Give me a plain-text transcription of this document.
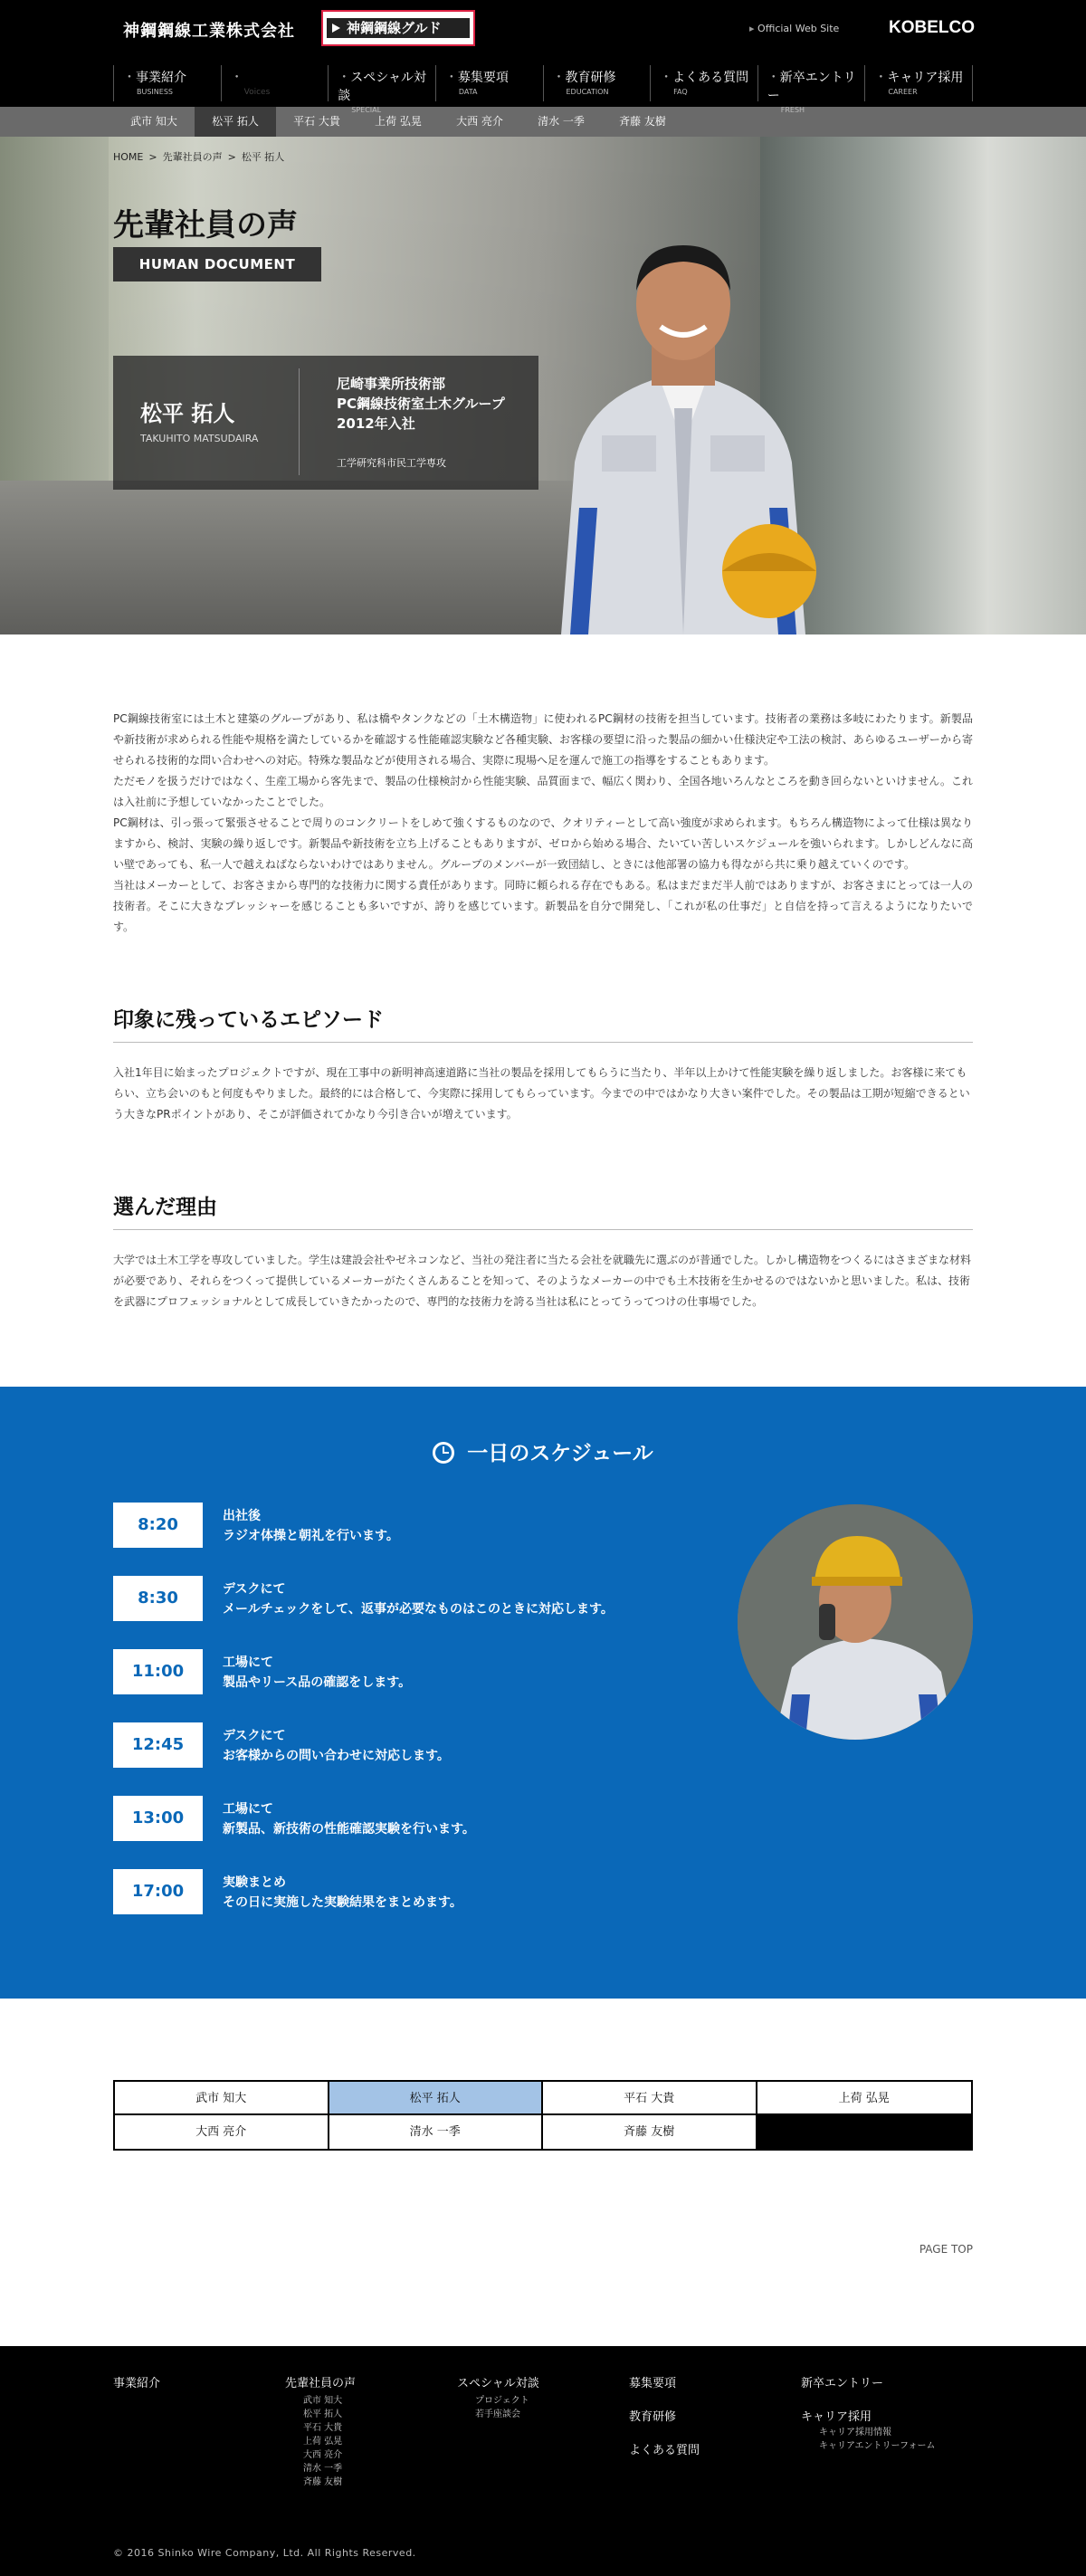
神鋼鋼線工業株式会社	神鋼鋼線グルド
▸	Official Web Site	KOBELCO
・ 事業紹介
BUSINESS
・	Voices
・ スペシャル対談
SPECIAL
・ 募集要項
DATA
・ 教育研修
EDUCATION
・ よくある質問
FAQ
・ 新卒エントリー
FRESH
・ キャリア採用
CAREER
武市 知大	松平 拓人	平石 大貴	上荷 弘晃	大西 亮介	清水 一季	斉藤 友樹
HOME > 先輩社員の声 > 松平 拓人
先輩社員の声
HUMAN DOCUMENT
松平 拓人
TAKUHITO MATSUDAIRA
尼崎事業所技術部
PC鋼線技術室土木グループ
2012年入社
工学研究科市民工学専攻

PC鋼線技術室には土木と建築のグループがあり、私は橋やタンクなどの「土木構造物」に使われるPC鋼材の技術を担当しています。技術者の業務は多岐にわたります。新製品や新技術が求められる性能や規格を満たしているかを確認する性能確認実験など各種実験、お客様の要望に沿った製品の細かい仕様決定や工法の検討、あらゆるユーザーから寄せられる技術的な問い合わせへの対応。特殊な製品などが使用される場合、実際に現場へ足を運んで施工の指導をすることもあります。

ただモノを扱うだけではなく、生産工場から客先まで、製品の仕様検討から性能実験、品質面まで、幅広く関わり、全国各地いろんなところを動き回らないといけません。これは入社前に予想していなかったことでした。

PC鋼材は、引っ張って緊張させることで周りのコンクリートをしめて強くするものなので、クオリティーとして高い強度が求められます。もちろん構造物によって仕様は異なりますから、検討、実験の繰り返しです。新製品や新技術を立ち上げることもありますが、ゼロから始める場合、たいてい苦しいスケジュールを強いられます。しかしどんなに高い壁であっても、私一人で越えねばならないわけではありません。グループのメンバーが一致団結し、ときには他部署の協力も得ながら共に乗り越えていくのです。

当社はメーカーとして、お客さまから専門的な技術力に関する責任があります。同時に頼られる存在でもある。私はまだまだ半人前ではありますが、お客さまにとっては一人の技術者。そこに大きなプレッシャーを感じることも多いですが、誇りを感じています。新製品を自分で開発し、「これが私の仕事だ」と自信を持って言えるようになりたいです。

印象に残っているエピソード

入社1年目に始まったプロジェクトですが、現在工事中の新明神高速道路に当社の製品を採用してもらうに当たり、半年以上かけて性能実験を繰り返しました。お客様に来てもらい、立ち会いのもと何度もやりました。最終的には合格して、今実際に採用してもらっています。今までの中ではかなり大きい案件でした。その製品は工期が短縮できるという大きなPRポイントがあり、そこが評価されてかなり今引き合いが増えています。

選んだ理由

大学では土木工学を専攻していました。学生は建設会社やゼネコンなど、当社の発注者に当たる会社を就職先に選ぶのが普通でした。しかし構造物をつくるにはさまざまな材料が必要であり、それらをつくって提供しているメーカーがたくさんあることを知って、そのようなメーカーの中でも土木技術を生かせるのではないかと思いました。私は、技術を武器にプロフェッショナルとして成長していきたかったので、専門的な技術力を誇る当社は私にとってうってつけの仕事場でした。

一日のスケジュール
8:20	出社後
ラジオ体操と朝礼を行います。
8:30	デスクにて
メールチェックをして、返事が必要なものはこのときに対応します。
11:00	工場にて
製品やリース品の確認をします。
12:45	デスクにて
お客様からの問い合わせに対応します。
13:00	工場にて
新製品、新技術の性能確認実験を行います。
17:00	実験まとめ
その日に実施した実験結果をまとめます。
武市 知大	松平 拓人	平石 大貴	上荷 弘晃
大西 亮介	清水 一季	斉藤 友樹
PAGE TOP
事業紹介	先輩社員の声
武市 知大
松平 拓人
平石 大貴
上荷 弘晃
大西 亮介
清水 一季
斉藤 友樹
スペシャル対談
プロジェクト
若手座談会
募集要項
教育研修
よくある質問
新卒エントリー
キャリア採用
キャリア採用情報
キャリアエントリーフォーム
© 2016 Shinko Wire Company, Ltd. All Rights Reserved.
